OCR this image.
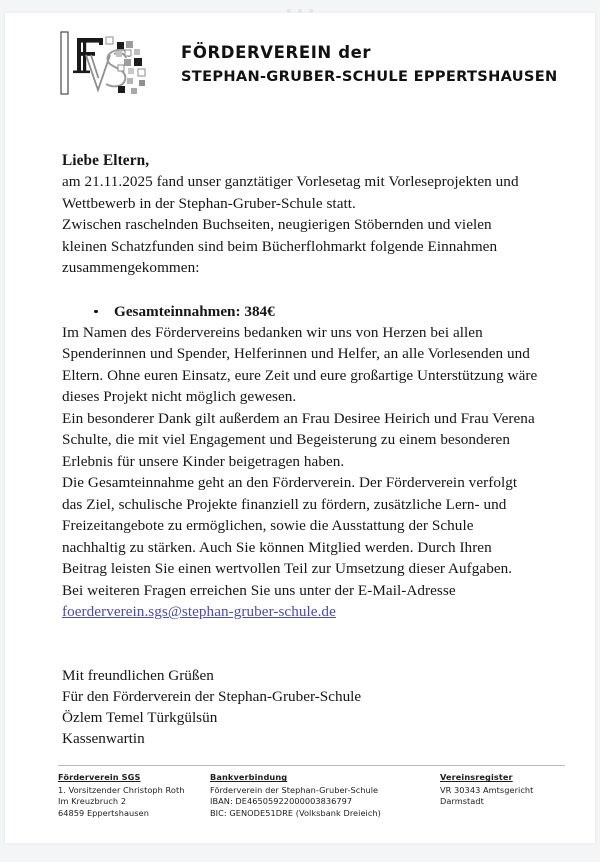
FÖRDERVEREIN der
STEPHAN-GRUBER-SCHULE EPPERTSHAUSEN
Liebe Eltern,

am 21.11.2025 fand unser ganztätiger Vorlesetag mit Vorleseprojekten und Wettbewerb in der Stephan-Gruber-Schule statt.

Zwischen raschelnden Buchseiten, neugierigen Stöbernden und vielen kleinen Schatzfunden sind beim Bücherflohmarkt folgende Einnahmen zusammengekommen:

Gesamteinnahmen: 384€

Im Namen des Fördervereins bedanken wir uns von Herzen bei allen Spenderinnen und Spender, Helferinnen und Helfer, an alle Vorlesenden und Eltern. Ohne euren Einsatz, eure Zeit und eure großartige Unterstützung wäre dieses Projekt nicht möglich gewesen.

Ein besonderer Dank gilt außerdem an Frau Desiree Heirich und Frau Verena Schulte, die mit viel Engagement und Begeisterung zu einem besonderen Erlebnis für unsere Kinder beigetragen haben.

Die Gesamteinnahme geht an den Förderverein. Der Förderverein verfolgt das Ziel, schulische Projekte finanziell zu fördern, zusätzliche Lern- und Freizeitangebote zu ermöglichen, sowie die Ausstattung der Schule nachhaltig zu stärken. Auch Sie können Mitglied werden. Durch Ihren Beitrag leisten Sie einen wertvollen Teil zur Umsetzung dieser Aufgaben.
Bei weiteren Fragen erreichen Sie uns unter der E-Mail-Adresse
foerderverein.sgs@stephan-gruber-schule.de

Mit freundlichen Grüßen
Für den Förderverein der Stephan-Gruber-Schule
Özlem Temel Türkgülsün
Kassenwartin
Förderverein SGS
1. Vorsitzender Christoph Roth
Im Kreuzbruch 2
64859 Eppertshausen
Bankverbindung
Förderverein der Stephan-Gruber-Schule
IBAN: DE46505922000003836797
BIC: GENODE51DRE (Volksbank Dreieich)
Vereinsregister
VR 30343 Amtsgericht
Darmstadt
